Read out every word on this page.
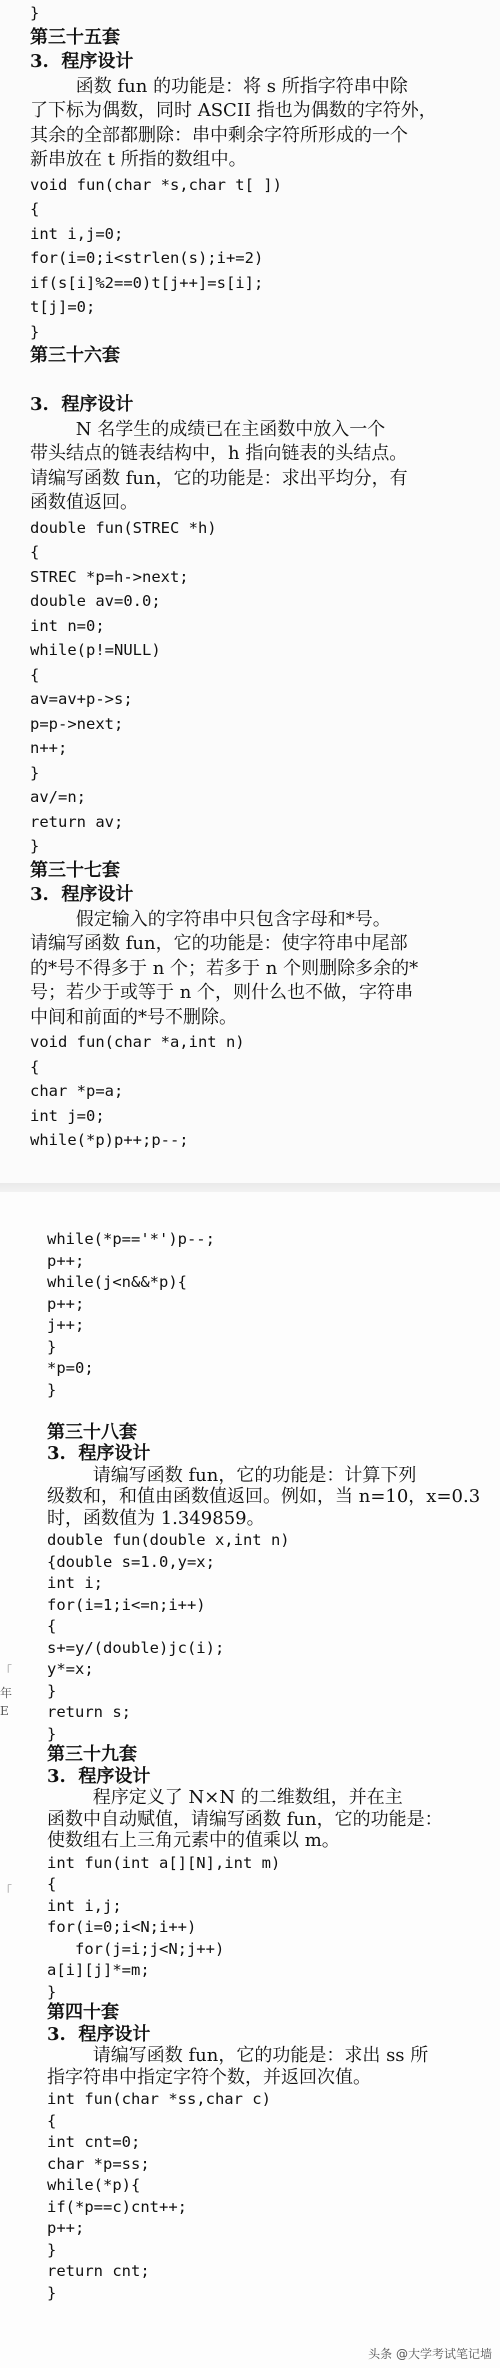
}
第三十五套
3.  程序设计
函数 fun 的功能是：将 s 所指字符串中除
了下标为偶数，同时 ASCII 指也为偶数的字符外，
其余的全部都删除：串中剩余字符所形成的一个
新串放在 t 所指的数组中。
void fun(char *s,char t[ ])
{
int i,j=0;
for(i=0;i<strlen(s);i+=2)
if(s[i]%2==0)t[j++]=s[i];
t[j]=0;
}
第三十六套
3.  程序设计
N 名学生的成绩已在主函数中放入一个
带头结点的链表结构中，h 指向链表的头结点。
请编写函数 fun，它的功能是：求出平均分，有
函数值返回。
double fun(STREC *h)
{
STREC *p=h->next;
double av=0.0;
int n=0;
while(p!=NULL)
{
av=av+p->s;
p=p->next;
n++;
}
av/=n;
return av;
}
第三十七套
3.  程序设计
假定输入的字符串中只包含字母和*号。
请编写函数 fun，它的功能是：使字符串中尾部
的*号不得多于 n 个；若多于 n 个则删除多余的*
号；若少于或等于 n 个，则什么也不做，字符串
中间和前面的*号不删除。
void fun(char *a,int n)
{
char *p=a;
int j=0;
while(*p)p++;p--;
「
年
E
「
头条 @大学考试笔记墙
while(*p=='*')p--;
p++;
while(j<n&&*p){
p++;
j++;
}
*p=0;
}
第三十八套
3.  程序设计
请编写函数 fun，它的功能是：计算下列
级数和，和值由函数值返回。例如，当 n=10，x=0.3
时，函数值为 1.349859。
double fun(double x,int n)
{double s=1.0,y=x;
int i;
for(i=1;i<=n;i++)
{
s+=y/(double)jc(i);
y*=x;
}
return s;
}
第三十九套
3.  程序设计
程序定义了 N×N 的二维数组，并在主
函数中自动赋值，请编写函数 fun，它的功能是：
使数组右上三角元素中的值乘以 m。
int fun(int a[][N],int m)
{
int i,j;
for(i=0;i<N;i++)
for(j=i;j<N;j++)
a[i][j]*=m;
}
第四十套
3.  程序设计
请编写函数 fun，它的功能是：求出 ss 所
指字符串中指定字符个数，并返回次值。
int fun(char *ss,char c)
{
int cnt=0;
char *p=ss;
while(*p){
if(*p==c)cnt++;
p++;
}
return cnt;
}
